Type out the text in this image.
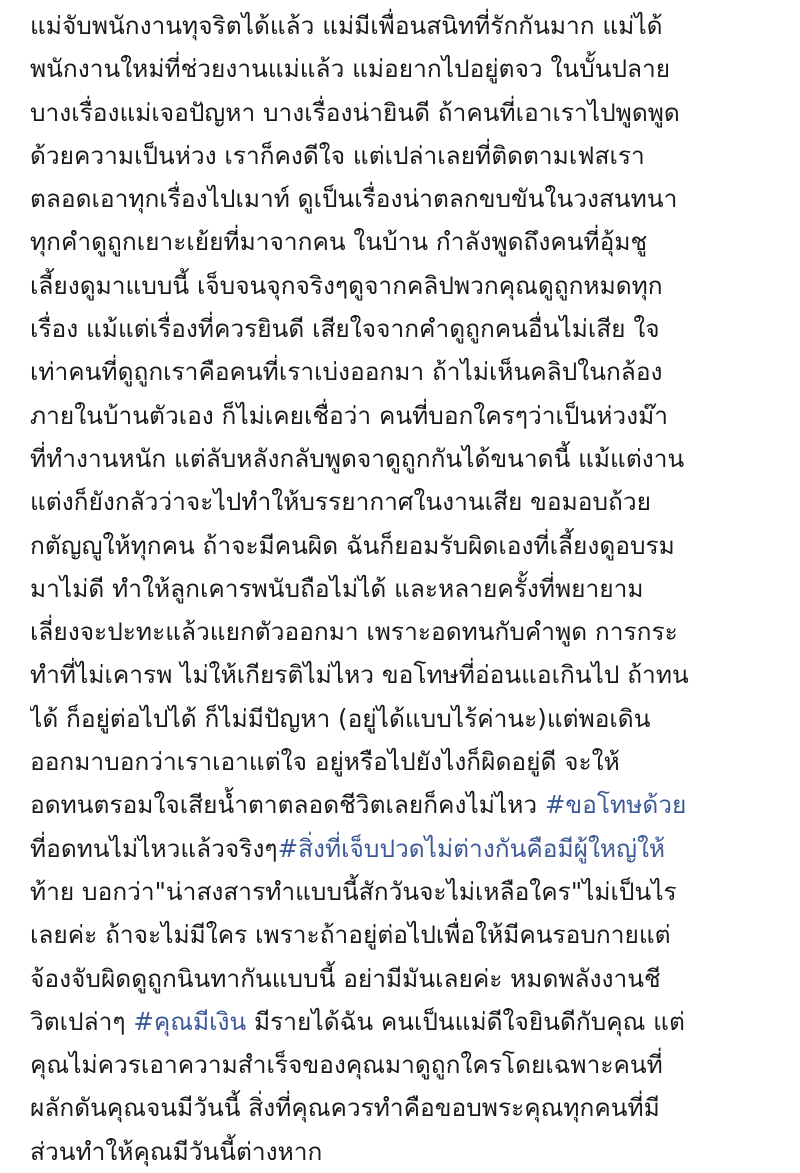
แม่จับพนักงานทุจริตได้แล้ว แม่มีเพื่อนสนิทที่รักกันมาก แม่ได้
พนักงานใหม่ที่ช่วยงานแม่แล้ว แม่อยากไปอยู่ตจว ในบั้นปลาย
บางเรื่องแม่เจอปัญหา บางเรื่องน่ายินดี ถ้าคนที่เอาเราไปพูดพูด
ด้วยความเป็นห่วง เราก็คงดีใจ แต่เปล่าเลยที่ติดตามเฟสเรา
ตลอดเอาทุกเรื่องไปเมาท์ ดูเป็นเรื่องน่าตลกขบขันในวงสนทนา
ทุกคำดูถูกเยาะเย้ยที่มาจากคน ในบ้าน กำลังพูดถึงคนที่อุ้มชู
เลี้ยงดูมาแบบนี้ เจ็บจนจุกจริงๆดูจากคลิปพวกคุณดูถูกหมดทุก
เรื่อง แม้แต่เรื่องที่ควรยินดี เสียใจจากคำดูถูกคนอื่นไม่เสีย ใจ
เท่าคนที่ดูถูกเราคือคนที่เราเบ่งออกมา ถ้าไม่เห็นคลิปในกล้อง
ภายในบ้านตัวเอง ก็ไม่เคยเชื่อว่า คนที่บอกใครๆว่าเป็นห่วงม๊า
ที่ทำงานหนัก แต่ลับหลังกลับพูดจาดูถูกกันได้ขนาดนี้ แม้แต่งาน
แต่งก็ยังกลัวว่าจะไปทำให้บรรยากาศในงานเสีย ขอมอบถ้วย
กตัญญูให้ทุกคน ถ้าจะมีคนผิด ฉันก็ยอมรับผิดเองที่เลี้ยงดูอบรม
มาไม่ดี ทำให้ลูกเคารพนับถือไม่ได้ และหลายครั้งที่พยายาม
เลี่ยงจะปะทะแล้วแยกตัวออกมา เพราะอดทนกับคำพูด การกระ
ทำที่ไม่เคารพ ไม่ให้เกียรติไม่ไหว ขอโทษที่อ่อนแอเกินไป ถ้าทน
ได้ ก็อยู่ต่อไปได้ ก็ไม่มีปัญหา (อยู่ได้แบบไร้ค่านะ)แต่พอเดิน
ออกมาบอกว่าเราเอาแต่ใจ อยู่หรือไปยังไงก็ผิดอยู่ดี จะให้
อดทนตรอมใจเสียน้ำตาตลอดชีวิตเลยก็คงไม่ไหว #ขอโทษด้วย
ที่อดทนไม่ไหวแล้วจริงๆ#สิ่งที่เจ็บปวดไม่ต่างกันคือมีผู้ใหญ่ให้
ท้าย บอกว่า"น่าสงสารทำแบบนี้สักวันจะไม่เหลือใคร"ไม่เป็นไร
เลยค่ะ ถ้าจะไม่มีใคร เพราะถ้าอยู่ต่อไปเพื่อให้มีคนรอบกายแต่
จ้องจับผิดดูถูกนินทากันแบบนี้ อย่ามีมันเลยค่ะ หมดพลังงานชี
วิตเปล่าๆ #คุณมีเงิน มีรายได้ฉัน คนเป็นแม่ดีใจยินดีกับคุณ แต่
คุณไม่ควรเอาความสำเร็จของคุณมาดูถูกใครโดยเฉพาะคนที่
ผลักดันคุณจนมีวันนี้ สิ่งที่คุณควรทำคือขอบพระคุณทุกคนที่มี
ส่วนทำให้คุณมีวันนี้ต่างหาก
